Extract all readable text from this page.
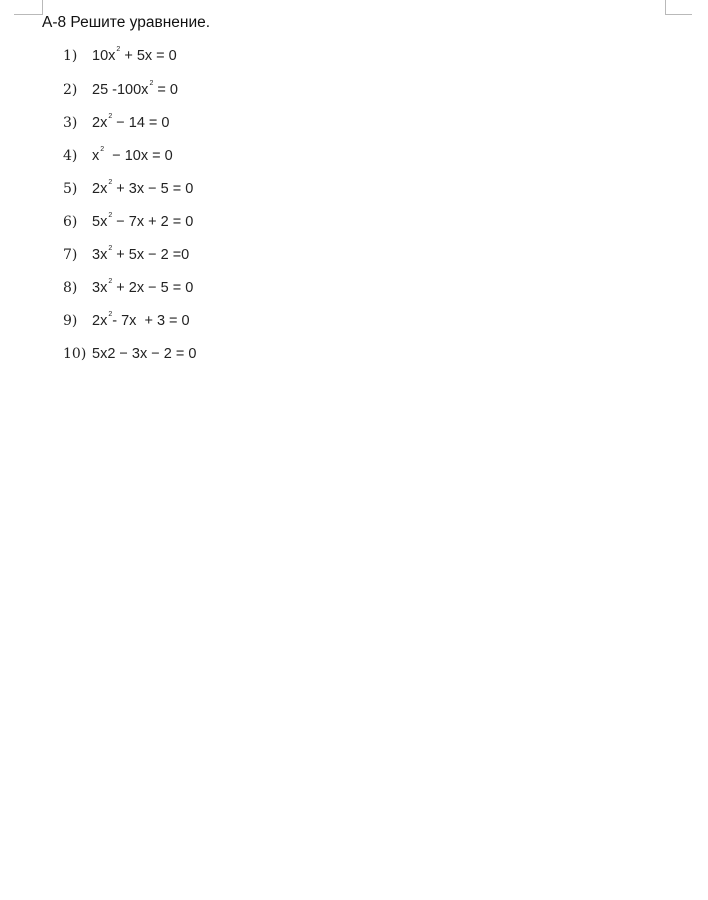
А-8 Решите уравнение.
1) $10x^2 + 5x = 0$
2) 25 $-100x^2 = 0$
3) $2x^2 - 14 = 0$
4) $x^2 - 10x = 0$
5) $2x^2 + 3x - 5 = 0$
6) $5x^2 - 7x + 2 = 0$
7) $3x^2 + 5x - 2 =0$
8) $3x^2 + 2x - 5 = 0$
9) $2x^2-$ 7x  + 3 = 0
10) 5x2 − 3x − 2 = 0
